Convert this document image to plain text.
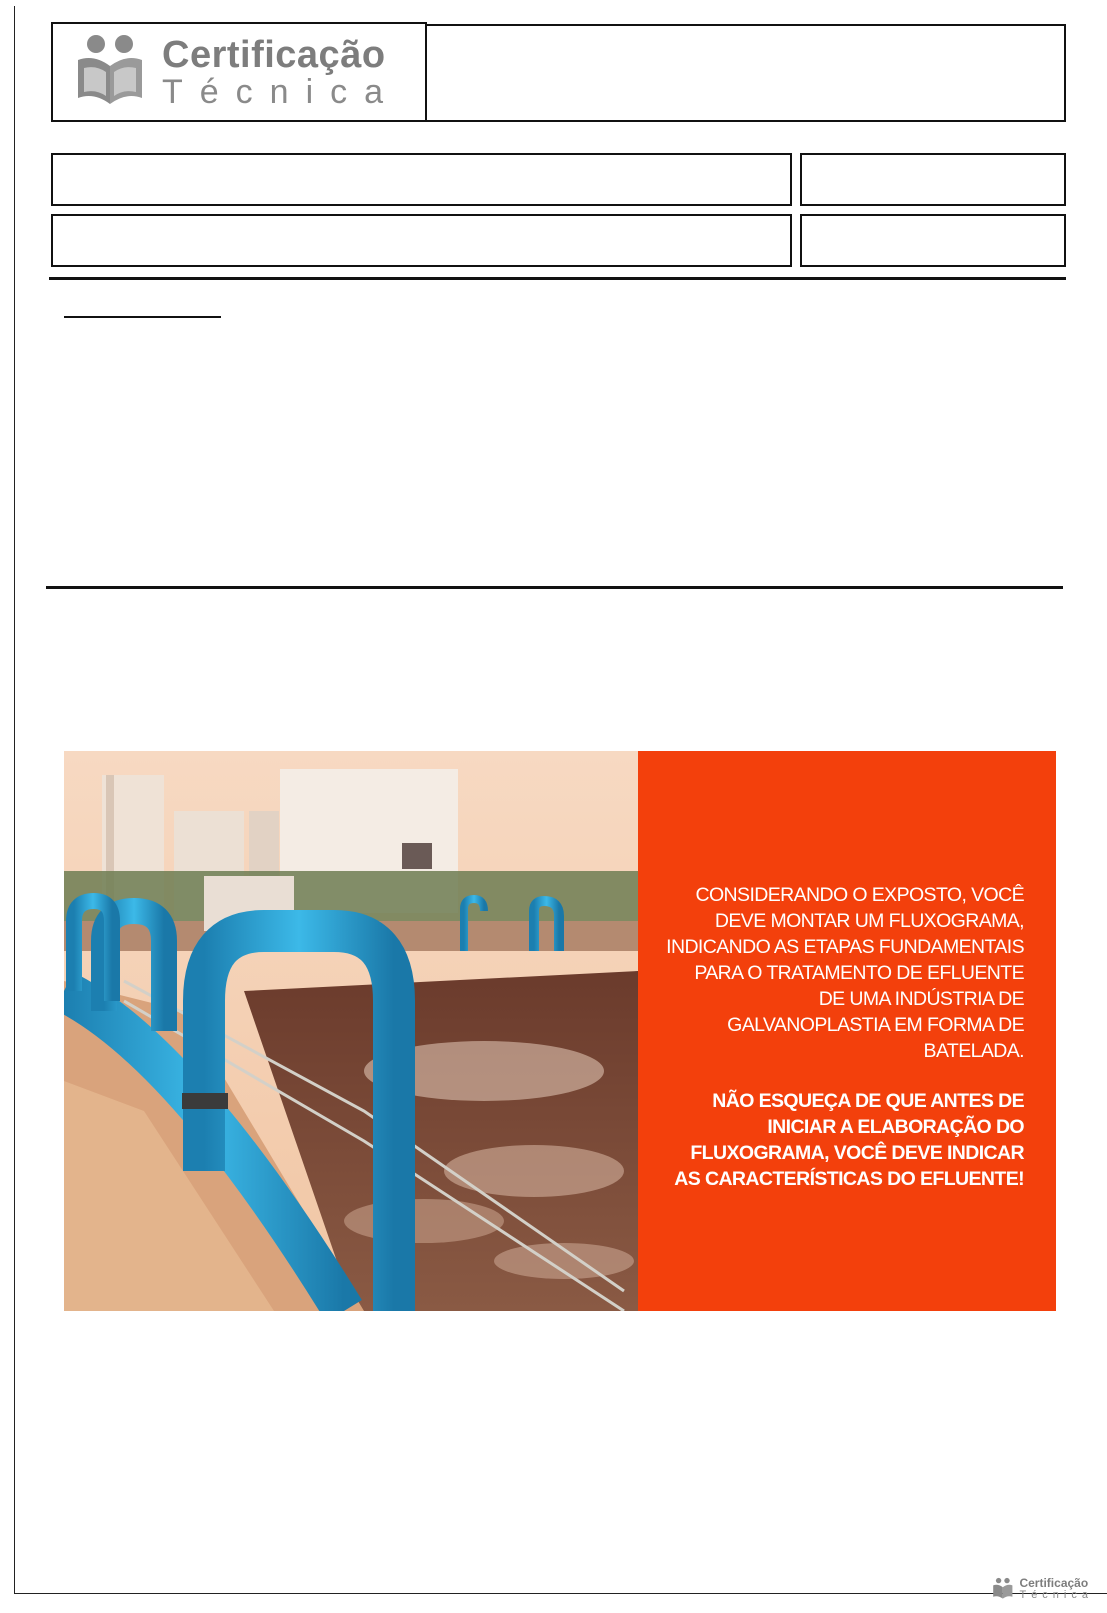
Certificação
Técnica

CONSIDERANDO O EXPOSTO, VOCÊ DEVE MONTAR UM FLUXOGRAMA, INDICANDO AS ETAPAS FUNDAMENTAIS PARA O TRATAMENTO DE EFLUENTE DE UMA INDÚSTRIA DE GALVANOPLASTIA EM FORMA DE BATELADA.

NÃO ESQUEÇA DE QUE ANTES DE INICIAR A ELABORAÇÃO DO FLUXOGRAMA, VOCÊ DEVE INDICAR AS CARACTERÍSTICAS DO EFLUENTE!

Certificação
Técnica
